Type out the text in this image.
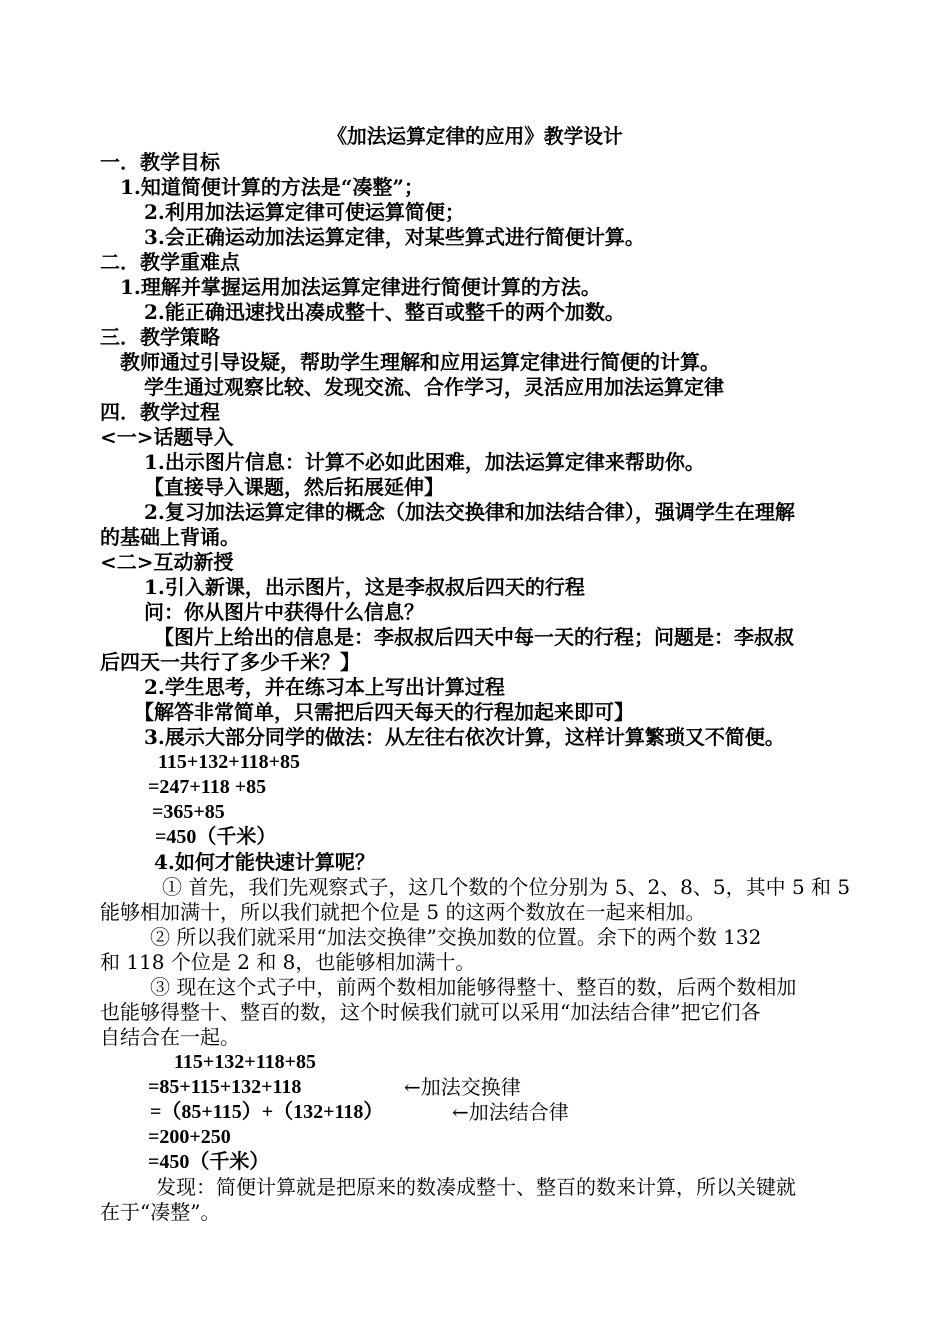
《加法运算定律的应用》教学设计
一．教学目标
1.知道简便计算的方法是“凑整”；
2.利用加法运算定律可使运算简便；
3.会正确运动加法运算定律，对某些算式进行简便计算。
二．教学重难点
1.理解并掌握运用加法运算定律进行简便计算的方法。
2.能正确迅速找出凑成整十、整百或整千的两个加数。
三．教学策略
教师通过引导设疑，帮助学生理解和应用运算定律进行简便的计算。
学生通过观察比较、发现交流、合作学习，灵活应用加法运算定律
四．教学过程
<一>话题导入
1.出示图片信息：计算不必如此困难，加法运算定律来帮助你。
【直接导入课题，然后拓展延伸】
2.复习加法运算定律的概念（加法交换律和加法结合律），强调学生在理解
的基础上背诵。
<二>互动新授
1.引入新课，出示图片，这是李叔叔后四天的行程
问：你从图片中获得什么信息？
【图片上给出的信息是：李叔叔后四天中每一天的行程；问题是：李叔叔
后四天一共行了多少千米？】
2.学生思考，并在练习本上写出计算过程
【解答非常简单，只需把后四天每天的行程加起来即可】
3.展示大部分同学的做法：从左往右依次计算，这样计算繁琐又不简便。
115+132+118+85
=247+118 +85
=365+85
=450（千米）
4.如何才能快速计算呢？
① 首先，我们先观察式子，这几个数的个位分别为 5、2、8、5，其中 5 和 5
能够相加满十，所以我们就把个位是 5 的这两个数放在一起来相加。
② 所以我们就采用“加法交换律”交换加数的位置。余下的两个数 132
和 118 个位是 2 和 8，也能够相加满十。
③ 现在这个式子中，前两个数相加能够得整十、整百的数，后两个数相加
也能够得整十、整百的数，这个时候我们就可以采用“加法结合律”把它们各
自结合在一起。
115+132+118+85
=85+115+132+118	←加法交换律
=（85+115）+（132+118）	←加法结合律
=200+250
=450（千米）
发现：简便计算就是把原来的数凑成整十、整百的数来计算，所以关键就
在于“凑整”。
